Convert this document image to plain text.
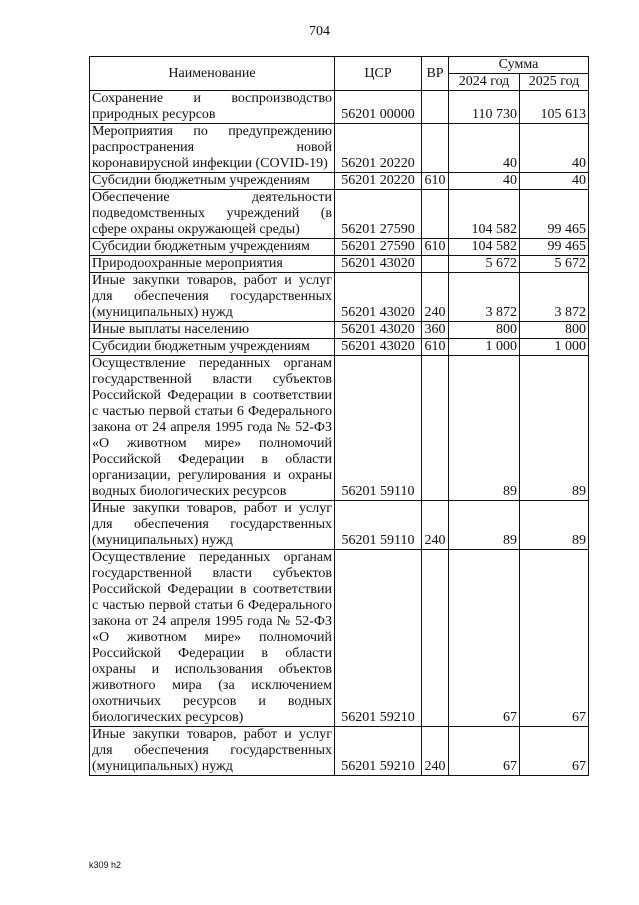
704
Наименование	ЦСР	ВР	Сумма	
			2024 год	2025 год
Сохранение и воспроизводство природных ресурсов	56201 00000		110 730	105 613
Мероприятия по предупреждению распространения новой коронавирусной инфекции (COVID-19)	56201 20220		40	40
Субсидии бюджетным учреждениям	56201 20220	610	40	40
Обеспечение деятельности подведомственных учреждений (в сфере охраны окружающей среды)	56201 27590		104 582	99 465
Субсидии бюджетным учреждениям	56201 27590	610	104 582	99 465
Природоохранные мероприятия	56201 43020		5 672	5 672
Иные закупки товаров, работ и услуг для обеспечения государственных (муниципальных) нужд	56201 43020	240	3 872	3 872
Иные выплаты населению	56201 43020	360	800	800
Субсидии бюджетным учреждениям	56201 43020	610	1 000	1 000
Осуществление переданных органам государственной власти субъектов Российской Федерации в соответствии с частью первой статьи 6 Федерального закона от 24 апреля 1995 года № 52-ФЗ «О животном мире» полномочий Российской Федерации в области организации, регулирования и охраны водных биологических ресурсов	56201 59110		89	89
Иные закупки товаров, работ и услуг для обеспечения государственных (муниципальных) нужд	56201 59110	240	89	89
Осуществление переданных органам государственной власти субъектов Российской Федерации в соответствии с частью первой статьи 6 Федерального закона от 24 апреля 1995 года № 52-ФЗ «О животном мире» полномочий Российской Федерации в области охраны и использования объектов животного мира (за исключением охотничьих ресурсов и водных биологических ресурсов)	56201 59210		67	67
Иные закупки товаров, работ и услуг для обеспечения государственных (муниципальных) нужд	56201 59210	240	67	67
k309 h2
